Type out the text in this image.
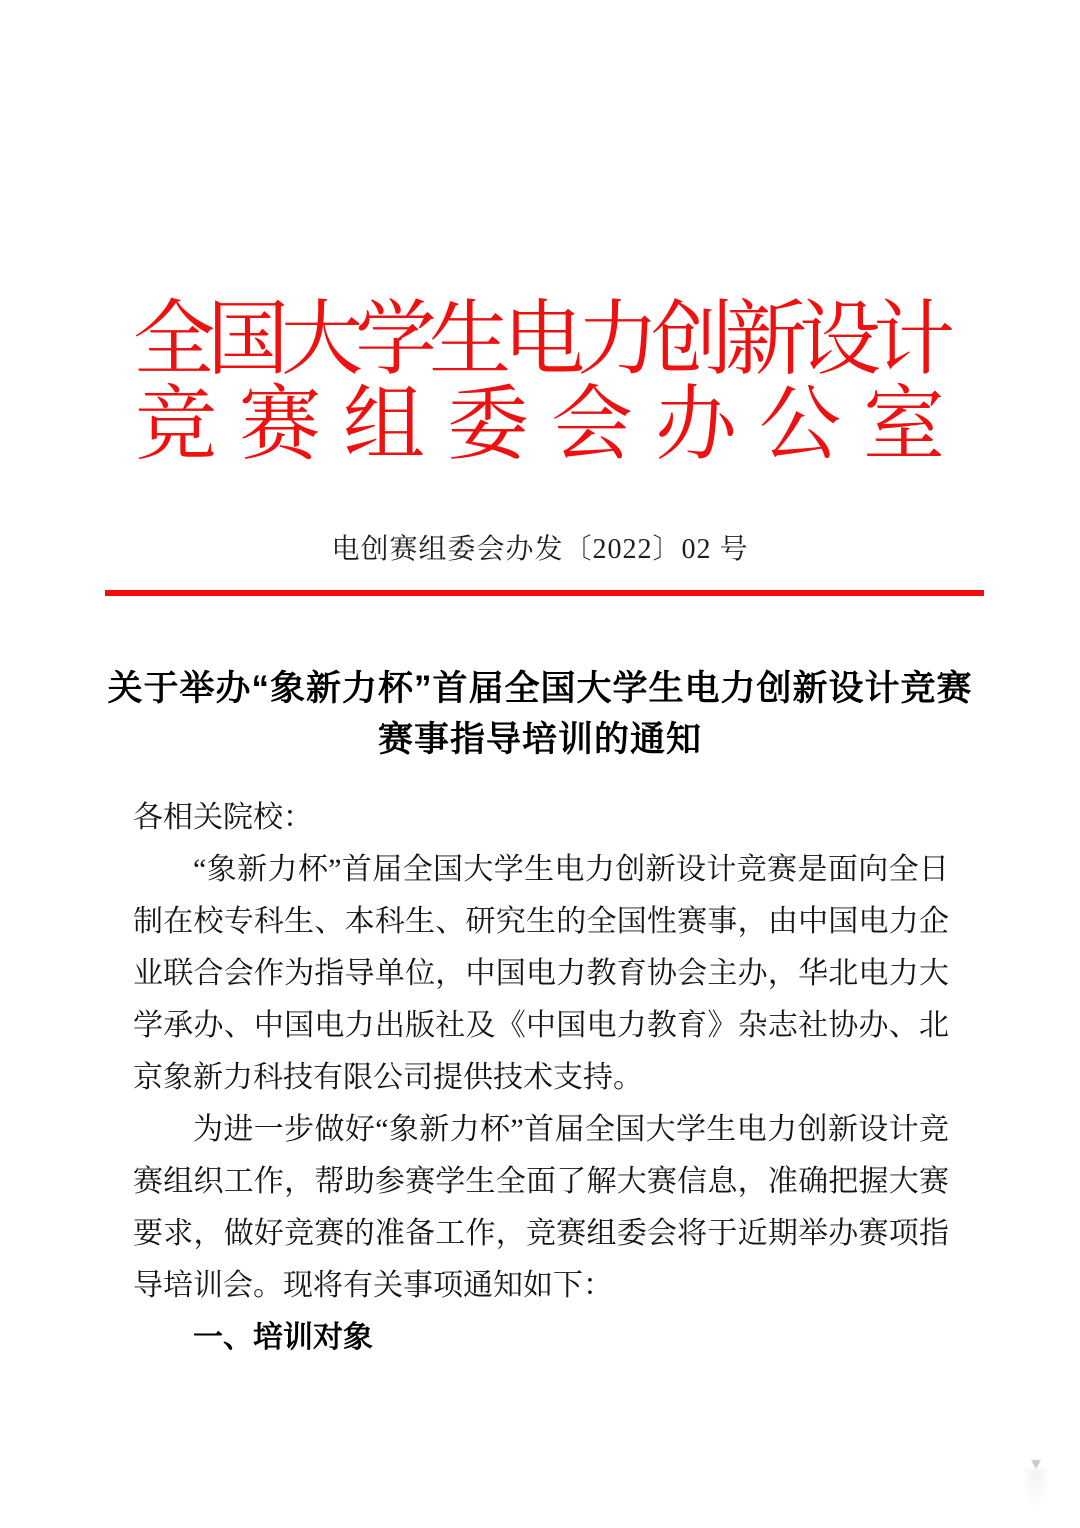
全国大学生电力创新设计
竞赛组委会办公室
电创赛组委会办发〔2022〕02 号
关于举办“象新力杯”首届全国大学生电力创新设计竞赛
赛事指导培训的通知

各相关院校：

“象新力杯”首届全国大学生电力创新设计竞赛是面向全日制在校专科生、本科生、研究生的全国性赛事，由中国电力企业联合会作为指导单位，中国电力教育协会主办，华北电力大学承办、中国电力出版社及《中国电力教育》杂志社协办、北京象新力科技有限公司提供技术支持。

为进一步做好“象新力杯”首届全国大学生电力创新设计竞赛组织工作，帮助参赛学生全面了解大赛信息，准确把握大赛要求，做好竞赛的准备工作，竞赛组委会将于近期举办赛项指导培训会。现将有关事项通知如下：

一、培训对象
